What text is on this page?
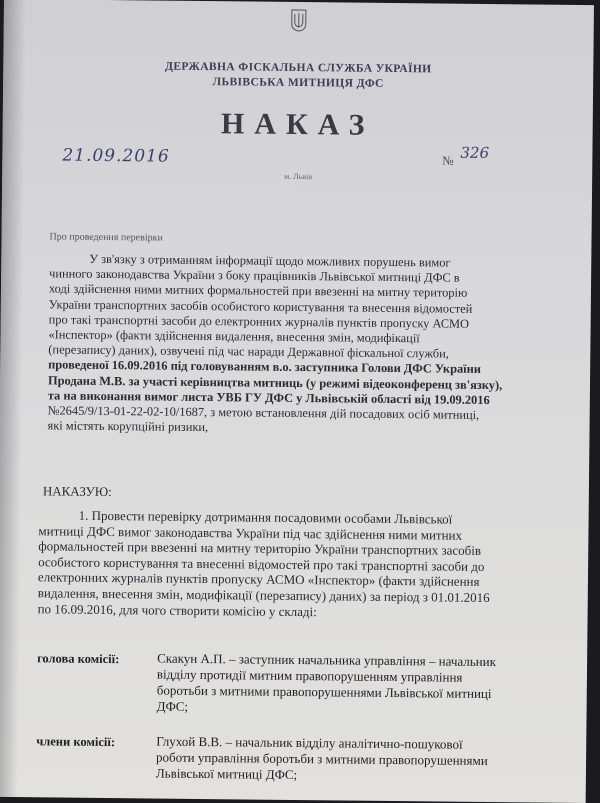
ДЕРЖАВНА ФІСКАЛЬНА СЛУЖБА УКРАЇНИ
ЛЬВІВСЬКА МИТНИЦЯ ДФС
НАКАЗ
21.09.2016	№ 326
м. Львів
Про проведення перевірки
У зв'язку з отриманням інформації щодо можливих порушень вимог
чинного законодавства України з боку працівників Львівської митниці ДФС в
ході здійснення ними митних формальностей при ввезенні на митну територію
України транспортних засобів особистого користування та внесення відомостей
про такі транспортні засоби до електронних журналів пунктів пропуску АСМО
«Інспектор» (факти здійснення видалення, внесення змін, модифікації
(перезапису) даних), озвучені під час наради Державної фіскальної служби,
проведеної 16.09.2016 під головуванням в.о. заступника Голови ДФС України
Продана М.В. за участі керівництва митниць (у режимі відеоконференц зв'язку),
та на виконання вимог листа УВБ ГУ ДФС у Львівській області від 19.09.2016
№2645/9/13-01-22-02-10/1687, з метою встановлення дій посадових осіб митниці,
які містять корупційні ризики,
НАКАЗУЮ:
1. Провести перевірку дотримання посадовими особами Львівської
митниці ДФС вимог законодавства України під час здійснення ними митних
формальностей при ввезенні на митну територію України транспортних засобів
особистого користування та внесенні відомостей про такі транспортні засоби до
електронних журналів пунктів пропуску АСМО «Інспектор» (факти здійснення
видалення, внесення змін, модифікації (перезапису) даних) за період з 01.01.2016
по 16.09.2016, для чого створити комісію у складі:
голова комісії:	Скакун А.П. – заступник начальника управління – начальник
відділу протидії митним правопорушенням управління
боротьби з митними правопорушеннями Львівської митниці
ДФС;
члени комісії:	Глухой В.В. – начальник відділу аналітично-пошукової
роботи управління боротьби з митними правопорушеннями
Львівської митниці ДФС;
